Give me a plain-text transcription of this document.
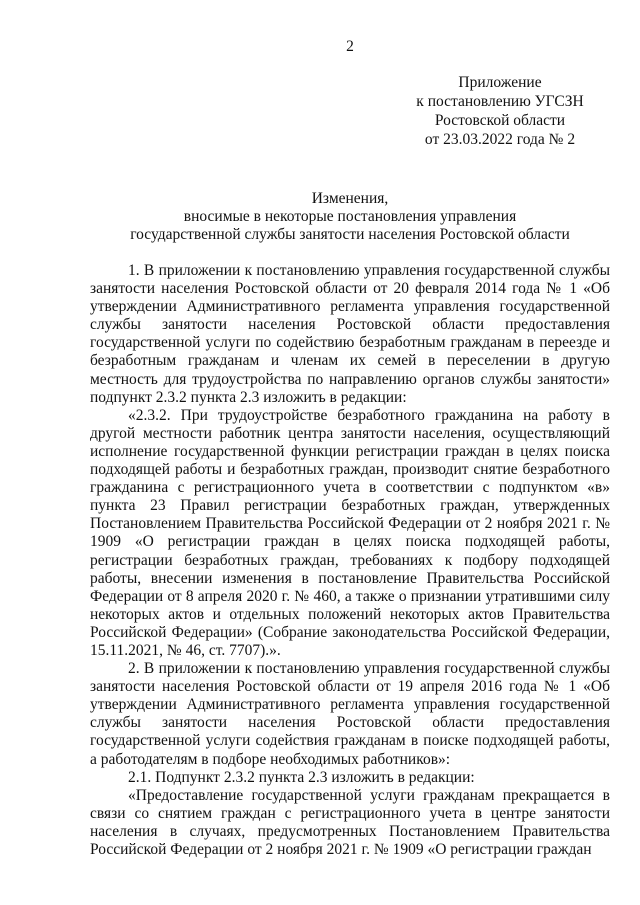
2
Приложение
к постановлению УГСЗН
Ростовской области
от 23.03.2022 года № 2
Изменения,
вносимые в некоторые постановления управления
государственной службы занятости населения Ростовской области

1. В приложении к постановлению управления государственной службы занятости населения Ростовской области от 20 февраля 2014 года № 1 «Об утверждении Административного регламента управления государственной службы занятости населения Ростовской области предоставления государственной услуги по содействию безработным гражданам в переезде и безработным гражданам и членам их семей в переселении в другую местность для трудоустройства по направлению органов службы занятости» подпункт 2.3.2 пункта 2.3 изложить в редакции:

«2.3.2. При трудоустройстве безработного гражданина на работу в другой местности работник центра занятости населения, осуществляющий исполнение государственной функции регистрации граждан в целях поиска подходящей работы и безработных граждан, производит снятие безработного гражданина с регистрационного учета в соответствии с подпунктом «в» пункта 23 Правил регистрации безработных граждан, утвержденных Постановлением Правительства Российской Федерации от 2 ноября 2021 г. № 1909 «О регистрации граждан в целях поиска подходящей работы, регистрации безработных граждан, требованиях к подбору подходящей работы, внесении изменения в постановление Правительства Российской Федерации от 8 апреля 2020 г. № 460, а также о признании утратившими силу некоторых актов и отдельных положений некоторых актов Правительства Российской Федерации» (Собрание законодательства Российской Федерации, 15.11.2021, № 46, ст. 7707).».

2. В приложении к постановлению управления государственной службы занятости населения Ростовской области от 19 апреля 2016 года № 1 «Об утверждении Административного регламента управления государственной службы занятости населения Ростовской области предоставления государственной услуги содействия гражданам в поиске подходящей работы, а работодателям в подборе необходимых работников»:

2.1. Подпункт 2.3.2 пункта 2.3 изложить в редакции:

«Предоставление государственной услуги гражданам прекращается в связи со снятием граждан с регистрационного учета в центре занятости населения в случаях, предусмотренных Постановлением Правительства Российской Федерации от 2 ноября 2021 г. № 1909 «О регистрации граждан
